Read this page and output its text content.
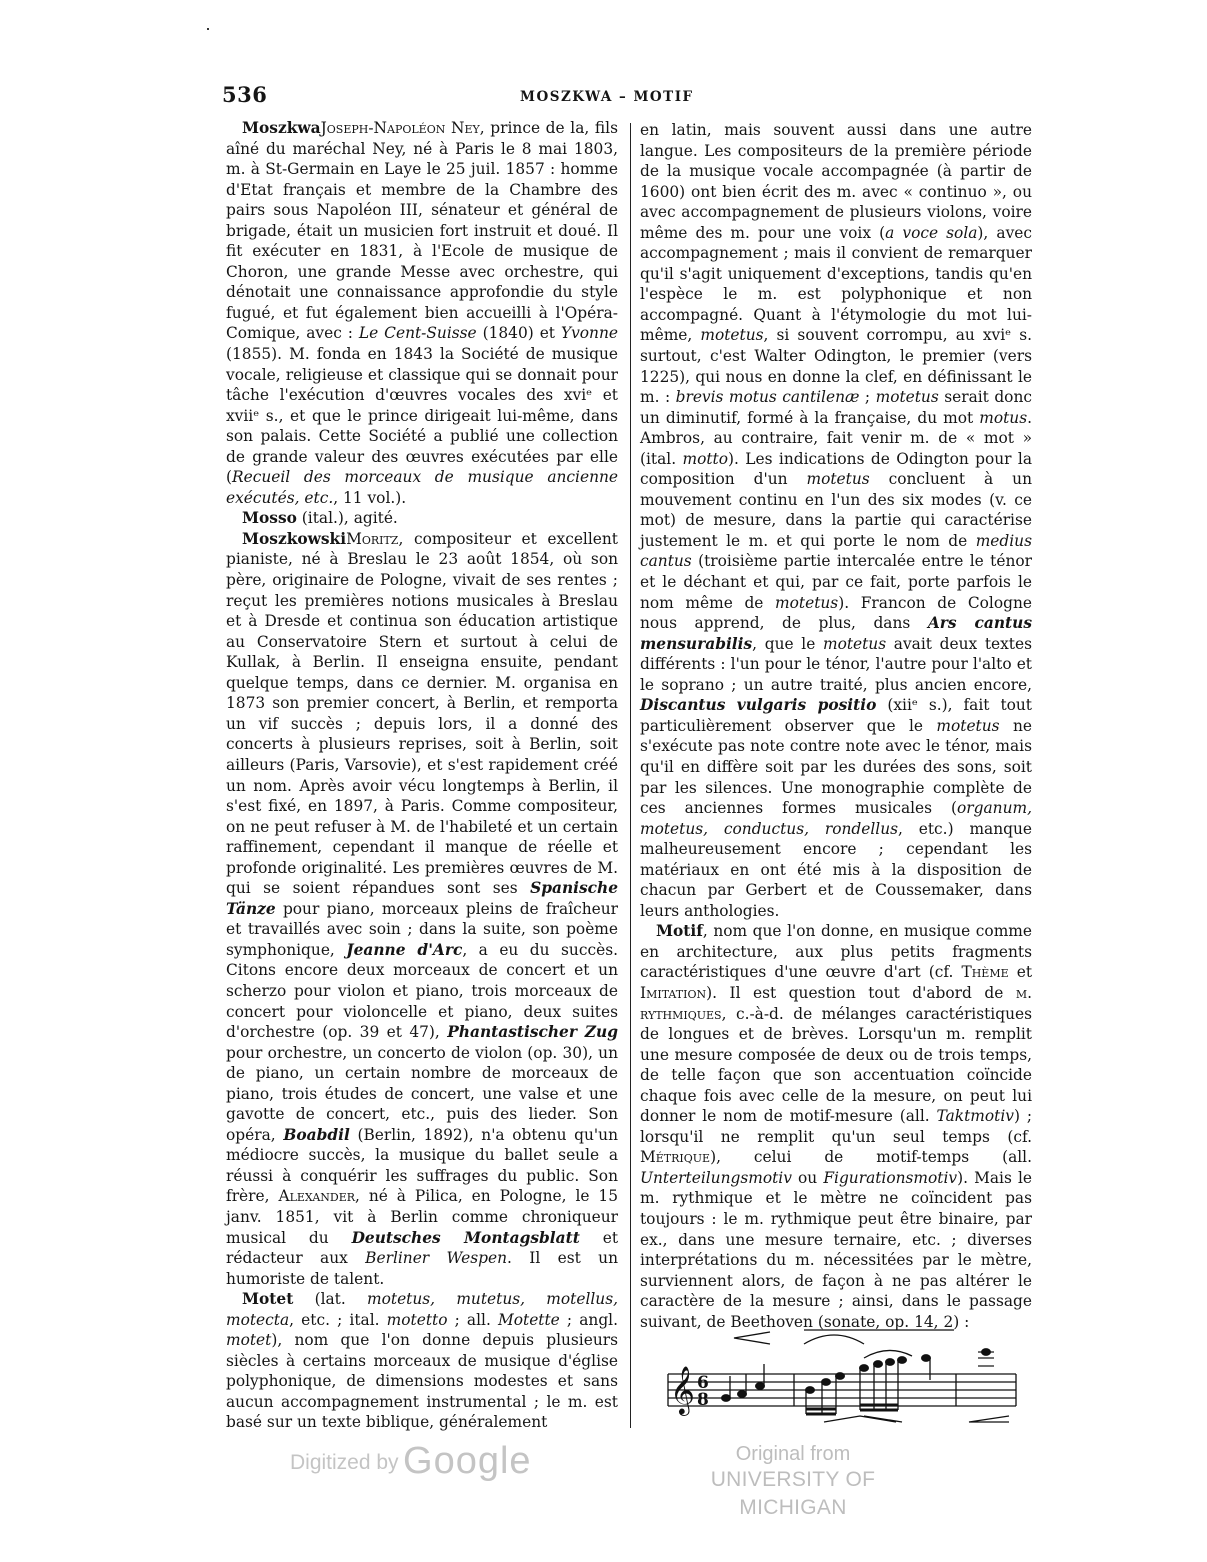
536	MOSZKWA – MOTIF

MoszkwaJoseph-Napoléon Ney, prince de la, fils aîné du maréchal Ney, né à Paris le 8 mai 1803, m. à St-Germain en Laye le 25 juil. 1857 : homme d'Etat français et membre de la Chambre des pairs sous Napoléon III, sénateur et général de brigade, était un musicien fort instruit et doué. Il fit exécuter en 1831, à l'Ecole de musique de Choron, une grande Messe avec orchestre, qui dénotait une connaissance approfondie du style fugué, et fut également bien accueilli à l'Opéra-Comique, avec : Le Cent-Suisse (1840) et Yvonne (1855). M. fonda en 1843 la Société de musique vocale, religieuse et classique qui se donnait pour tâche l'exécution d'œuvres vocales des xviᵉ et xviiᵉ s., et que le prince dirigeait lui-même, dans son palais. Cette Société a publié une collection de grande valeur des œuvres exécutées par elle (Recueil des morceaux de musique ancienne exécutés, etc., 11 vol.).

Mosso (ital.), agité.

MoszkowskiMoritz, compositeur et excellent pianiste, né à Breslau le 23 août 1854, où son père, originaire de Pologne, vivait de ses rentes ; reçut les premières notions musicales à Breslau et à Dresde et continua son éducation artistique au Conservatoire Stern et surtout à celui de Kullak, à Berlin. Il enseigna ensuite, pendant quelque temps, dans ce dernier. M. organisa en 1873 son premier concert, à Berlin, et remporta un vif succès ; depuis lors, il a donné des concerts à plusieurs reprises, soit à Berlin, soit ailleurs (Paris, Varsovie), et s'est rapidement créé un nom. Après avoir vécu longtemps à Berlin, il s'est fixé, en 1897, à Paris. Comme compositeur, on ne peut refuser à M. de l'habileté et un certain raffinement, cependant il manque de réelle et profonde originalité. Les premières œuvres de M. qui se soient répandues sont ses Spanische Tänze pour piano, morceaux pleins de fraîcheur et travaillés avec soin ; dans la suite, son poème symphonique, Jeanne d'Arc, a eu du succès. Citons encore deux morceaux de concert et un scherzo pour violon et piano, trois morceaux de concert pour violoncelle et piano, deux suites d'orchestre (op. 39 et 47), Phantastischer Zug pour orchestre, un concerto de violon (op. 30), un de piano, un certain nombre de morceaux de piano, trois études de concert, une valse et une gavotte de concert, etc., puis des lieder. Son opéra, Boabdil (Berlin, 1892), n'a obtenu qu'un médiocre succès, la musique du ballet seule a réussi à conquérir les suffrages du public. Son frère, Alexander, né à Pilica, en Pologne, le 15 janv. 1851, vit à Berlin comme chroniqueur musical du Deutsches Montagsblatt et rédacteur aux Berliner Wespen. Il est un humoriste de talent.

Motet (lat. motetus, mutetus, motellus, motecta, etc. ; ital. motetto ; all. Motette ; angl. motet), nom que l'on donne depuis plusieurs siècles à certains morceaux de musique d'église polyphonique, de dimensions modestes et sans aucun accompagnement instrumental ; le m. est basé sur un texte biblique, généralement

en latin, mais souvent aussi dans une autre langue. Les compositeurs de la première période de la musique vocale accompagnée (à partir de 1600) ont bien écrit des m. avec « continuo », ou avec accompagnement de plusieurs violons, voire même des m. pour une voix (a voce sola), avec accompagnement ; mais il convient de remarquer qu'il s'agit uniquement d'exceptions, tandis qu'en l'espèce le m. est polyphonique et non accompagné. Quant à l'étymologie du mot lui-même, motetus, si souvent corrompu, au xviᵉ s. surtout, c'est Walter Odington, le premier (vers 1225), qui nous en donne la clef, en définissant le m. : brevis motus cantilenæ ; motetus serait donc un diminutif, formé à la française, du mot motus. Ambros, au contraire, fait venir m. de « mot » (ital. motto). Les indications de Odington pour la composition d'un motetus concluent à un mouvement continu en l'un des six modes (v. ce mot) de mesure, dans la partie qui caractérise justement le m. et qui porte le nom de medius cantus (troisième partie intercalée entre le ténor et le déchant et qui, par ce fait, porte parfois le nom même de motetus). Francon de Cologne nous apprend, de plus, dans Ars cantus mensurabilis, que le motetus avait deux textes différents : l'un pour le ténor, l'autre pour l'alto et le soprano ; un autre traité, plus ancien encore, Discantus vulgaris positio (xiiᵉ s.), fait tout particulièrement observer que le motetus ne s'exécute pas note contre note avec le ténor, mais qu'il en diffère soit par les durées des sons, soit par les silences. Une monographie complète de ces anciennes formes musicales (organum, motetus, conductus, rondellus, etc.) manque malheureusement encore ; cependant les matériaux en ont été mis à la disposition de chacun par Gerbert et de Coussemaker, dans leurs anthologies.

Motif, nom que l'on donne, en musique comme en architecture, aux plus petits fragments caractéristiques d'une œuvre d'art (cf. Thème et Imitation). Il est question tout d'abord de m. rythmiques, c.-à-d. de mélanges caractéristiques de longues et de brèves. Lorsqu'un m. remplit une mesure composée de deux ou de trois temps, de telle façon que son accentuation coïncide chaque fois avec celle de la mesure, on peut lui donner le nom de motif-mesure (all. Taktmotiv) ; lorsqu'il ne remplit qu'un seul temps (cf. Métrique), celui de motif-temps (all. Unterteilungsmotiv ou Figurationsmotiv). Mais le m. rythmique et le mètre ne coïncident pas toujours : le m. rythmique peut être binaire, par ex., dans une mesure ternaire, etc. ; diverses interprétations du m. nécessitées par le mètre, surviennent alors, de façon à ne pas altérer le caractère de la mesure ; ainsi, dans le passage suivant, de Beethoven (sonate, op. 14, 2) :

𝄞 6
8
Digitized by Google	Original from
UNIVERSITY OF MICHIGAN
